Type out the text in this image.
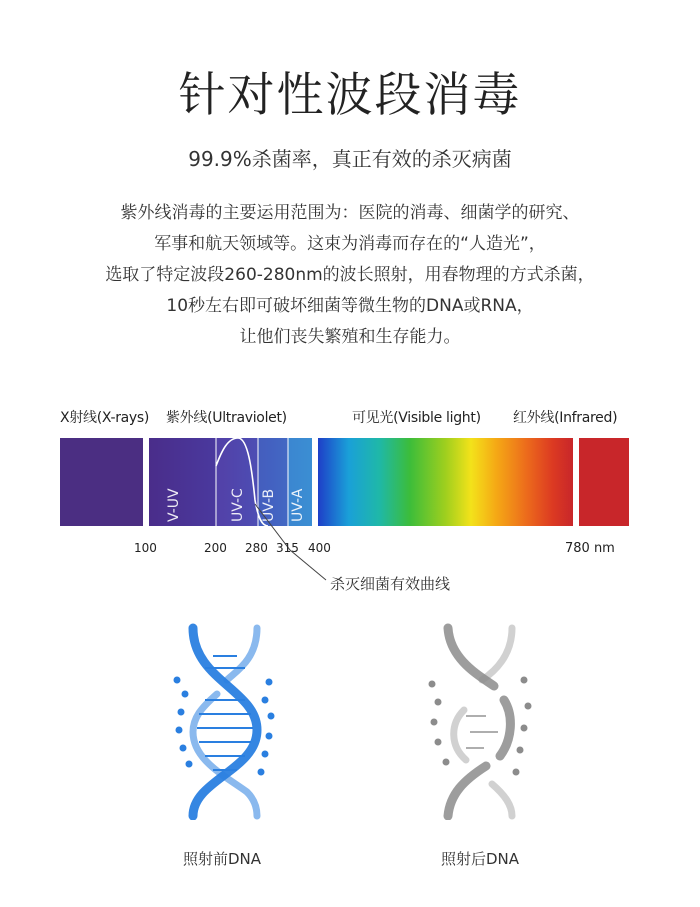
针对性波段消毒
99.9%杀菌率，真正有效的杀灭病菌
紫外线消毒的主要运用范围为：医院的消毒、细菌学的研究、
军事和航天领域等。这束为消毒而存在的“人造光”，
选取了特定波段260-280nm的波长照射，用春物理的方式杀菌，
10秒左右即可破坏细菌等微生物的DNA或RNA，
让他们丧失繁殖和生存能力。
X射线(X-rays) 紫外线(Ultraviolet)	可见光(Visible light) 红外线(Infrared)
V-UV	UV-C UV-B UV-A
100	200 280 315 400	780 nm
杀灭细菌有效曲线
照射前DNA	照射后DNA
